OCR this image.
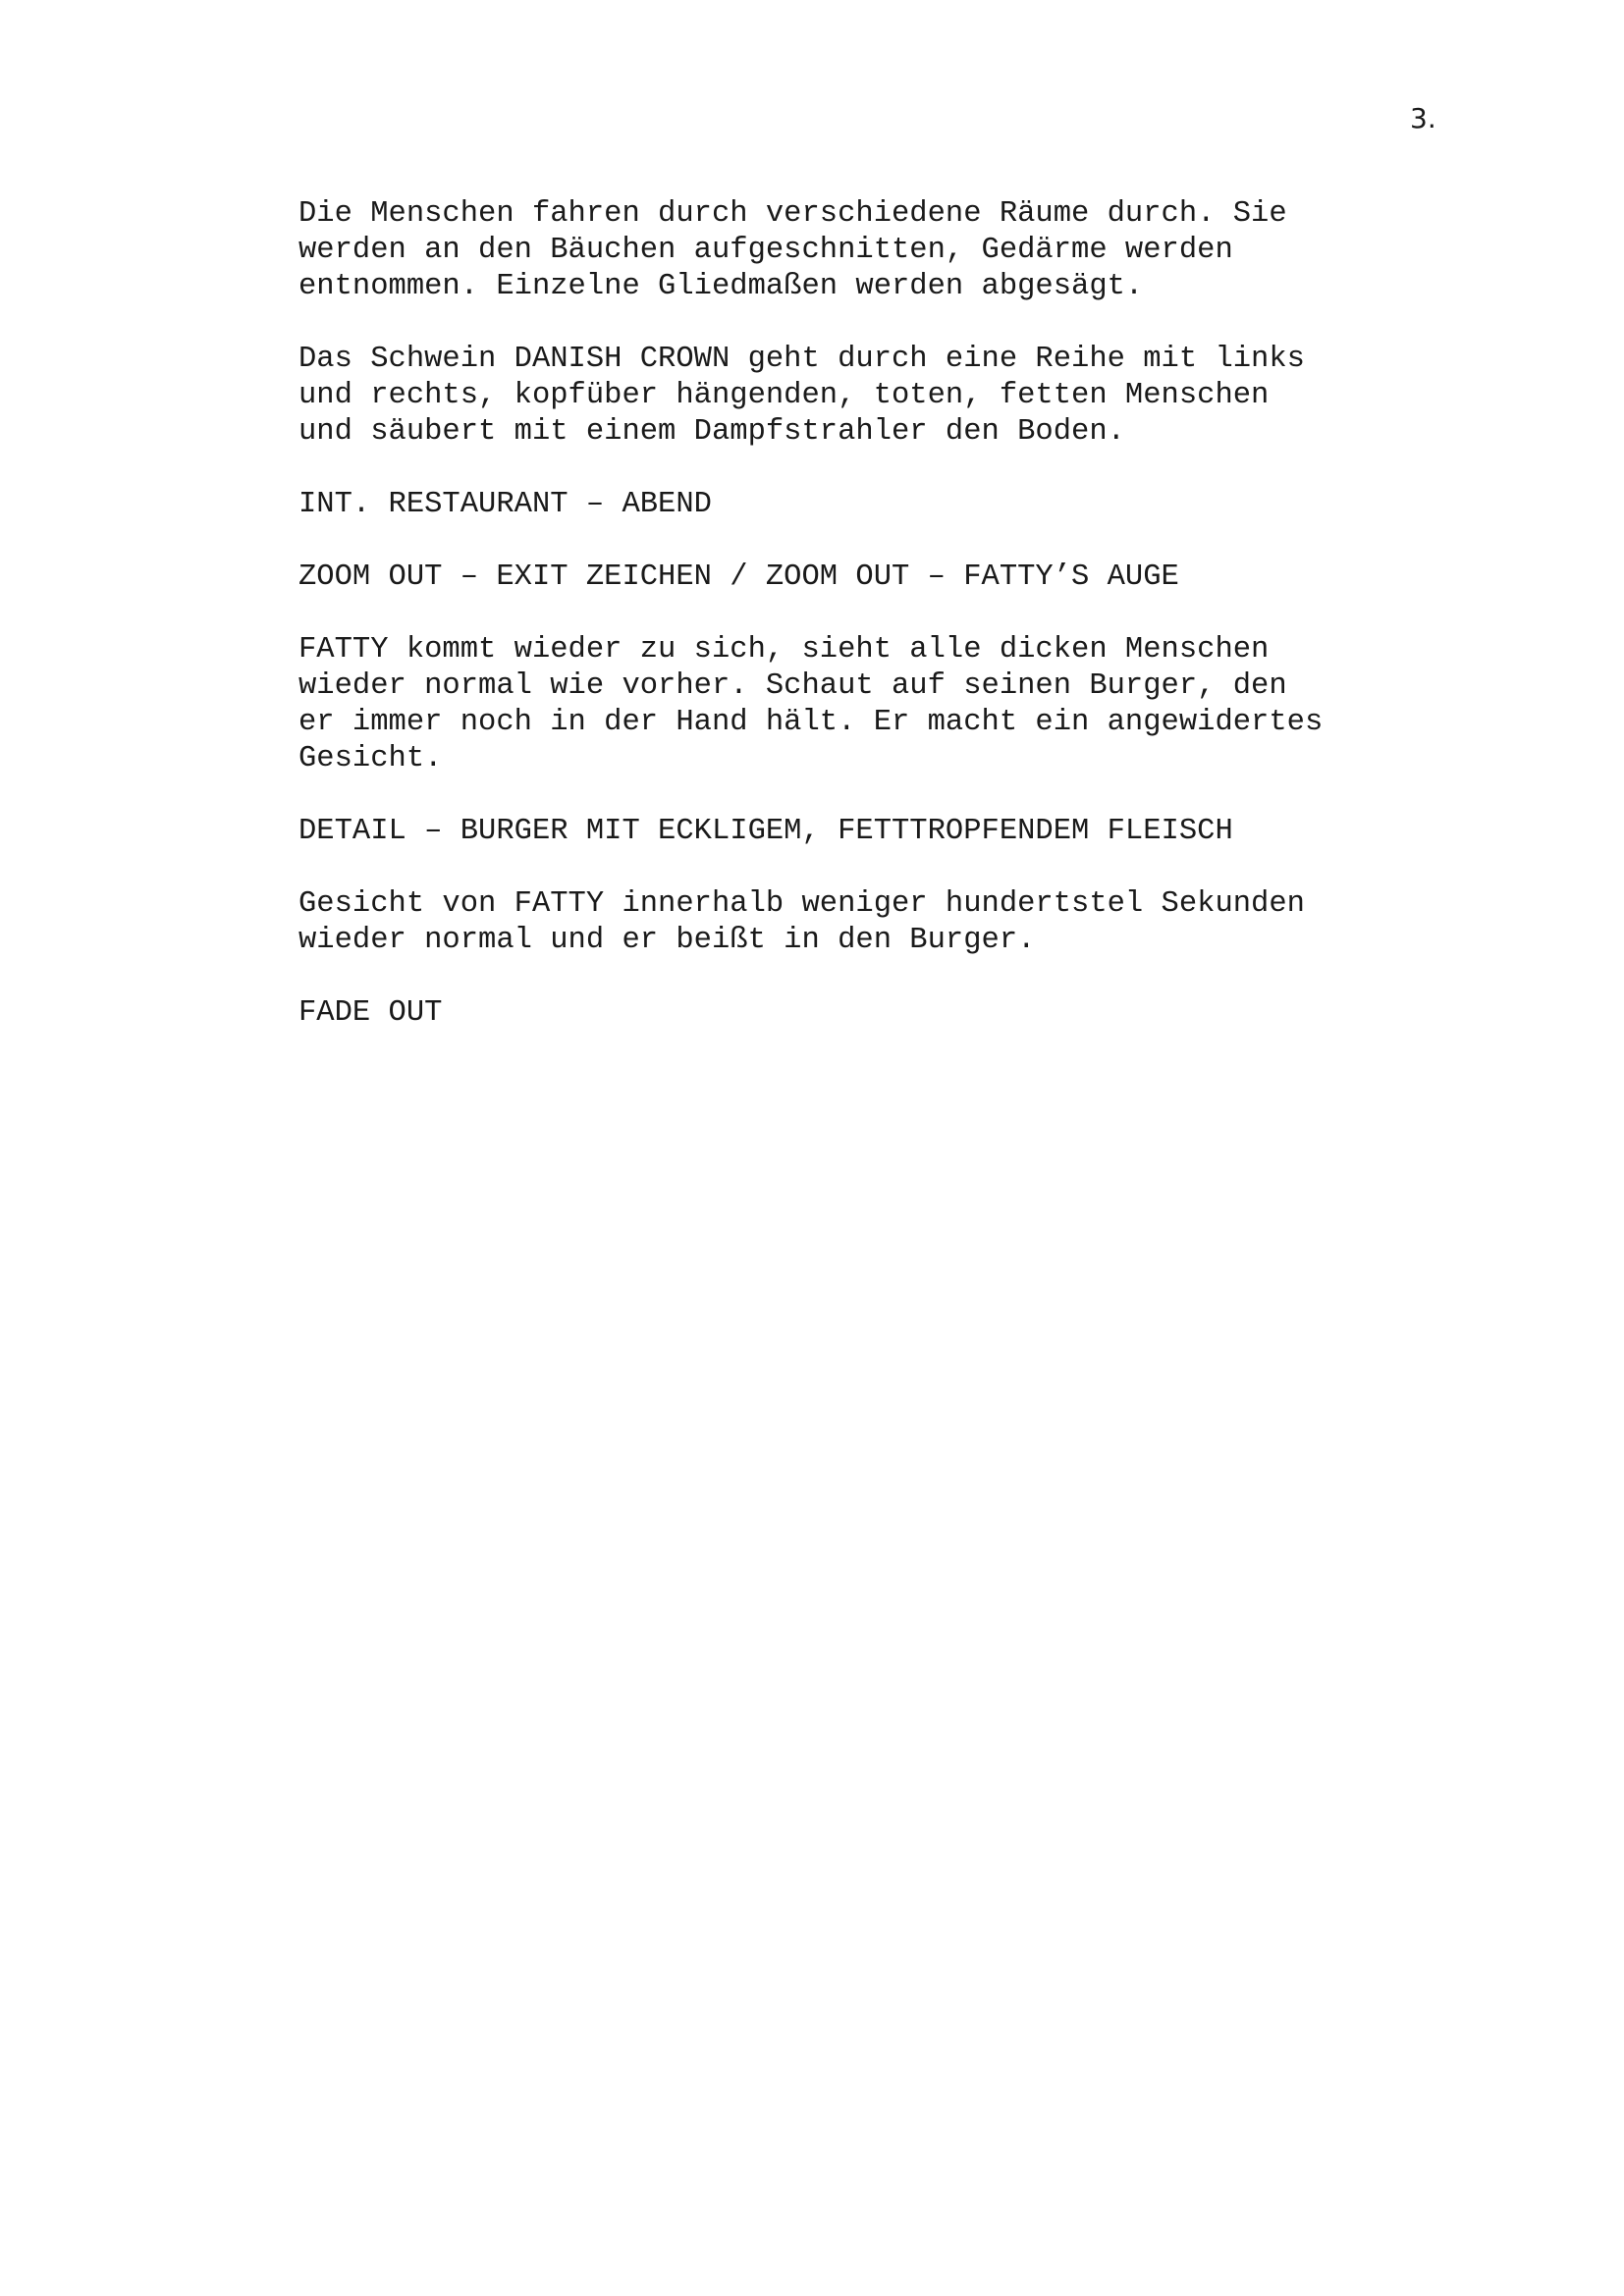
3.
Die Menschen fahren durch verschiedene Räume durch. Sie
werden an den Bäuchen aufgeschnitten, Gedärme werden
entnommen. Einzelne Gliedmaßen werden abgesägt.
Das Schwein DANISH CROWN geht durch eine Reihe mit links
und rechts, kopfüber hängenden, toten, fetten Menschen
und säubert mit einem Dampfstrahler den Boden.
INT. RESTAURANT – ABEND
ZOOM OUT – EXIT ZEICHEN / ZOOM OUT – FATTY’S AUGE
FATTY kommt wieder zu sich, sieht alle dicken Menschen
wieder normal wie vorher. Schaut auf seinen Burger, den
er immer noch in der Hand hält. Er macht ein angewidertes
Gesicht.
DETAIL – BURGER MIT ECKLIGEM, FETTTROPFENDEM FLEISCH
Gesicht von FATTY innerhalb weniger hundertstel Sekunden
wieder normal und er beißt in den Burger.
FADE OUT
